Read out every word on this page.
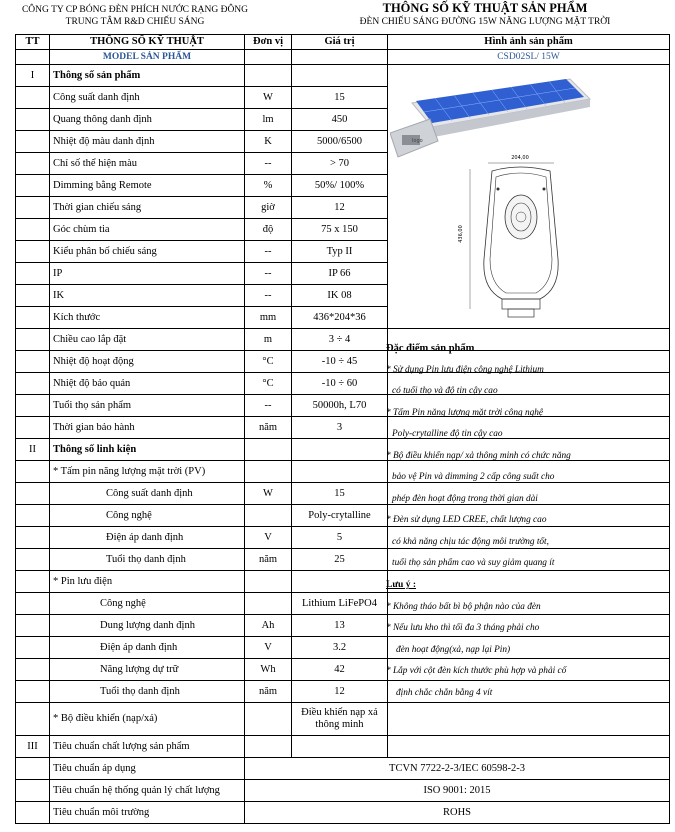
CÔNG TY CP BÓNG ĐÈN PHÍCH NƯỚC RẠNG ĐÔNG
TRUNG TÂM R&D CHIẾU SÁNG
THÔNG SỐ KỸ THUẬT SẢN PHẨM
ĐÈN CHIẾU SÁNG ĐƯỜNG 15W NĂNG LƯỢNG MẶT TRỜI
TT	THÔNG SỐ KỸ THUẬT	Đơn vị	Giá trị	Hình ảnh sản phẩm
	MODEL SẢN PHẨM			CSD02SL/ 15W
I	Thông số sản phẩm			logo
204,00
436,00

	Công suất danh định	W	15	
	Quang thông danh định	lm	450	
	Nhiệt độ màu danh định	K	5000/6500	
	Chỉ số thể hiện màu	--	> 70	
	Dimming bằng Remote	%	50%/ 100%	
	Thời gian chiếu sáng	giờ	12	
	Góc chùm tia	độ	75 x 150	
	Kiểu phân bố chiếu sáng	--	Typ II	
	IP	--	IP 66	
	IK	--	IK 08	
	Kích thước	mm	436*204*36	
	Chiều cao lắp đặt	m	3 ÷ 4	
	Nhiệt độ hoạt động	°C	-10 ÷ 45	
	Nhiệt độ bảo quản	°C	-10 ÷ 60	
	Tuổi thọ sản phẩm	--	50000h, L70	
	Thời gian bảo hành	năm	3	
II	Thông số linh kiện			
	* Tấm pin năng lượng mặt trời (PV)			
	Công suất danh định	W	15	
	Công nghệ		Poly-crytalline	
	Điện áp danh định	V	5	
	Tuổi thọ danh định	năm	25	
	* Pin lưu điện			
	Công nghệ		Lithium LiFePO4	
	Dung lượng danh định	Ah	13	
	Điện áp danh định	V	3.2	
	Năng lượng dự trữ	Wh	42	
	Tuổi thọ danh định	năm	12	
	* Bộ điều khiển (nạp/xả)		Điều khiển nạp xả thông minh	
III	Tiêu chuẩn chất lượng sản phẩm			
	Tiêu chuẩn áp dụng	TCVN 7722-2-3/IEC 60598-2-3		
	Tiêu chuẩn hệ thống quản lý chất lượng	ISO 9001: 2015		
	Tiêu chuẩn môi trường	ROHS		
Đặc điểm sản phẩm
* Sử dụng Pin lưu điện công nghệ Lithium
có tuổi thọ và độ tin cậy cao
* Tấm Pin năng lượng mặt trời công nghệ
Poly-crytalline độ tin cậy cao
* Bộ điều khiển nạp/ xả thông minh có chức năng
bảo vệ Pin và dimming 2 cấp công suất cho
phép đèn hoạt động trong thời gian dài
* Đèn sử dụng LED CREE, chất lượng cao
có khả năng chịu tác động môi trường tốt,
tuổi thọ sản phẩm cao và suy giảm quang ít
Lưu ý :
* Không tháo bất bì bộ phận nào của đèn
* Nếu lưu kho thì tối đa 3 tháng phải cho
đèn hoạt động(xả, nạp lại Pin)
* Lắp với cột đèn kích thước phù hợp và phải cố
định chắc chắn bằng 4 vít
